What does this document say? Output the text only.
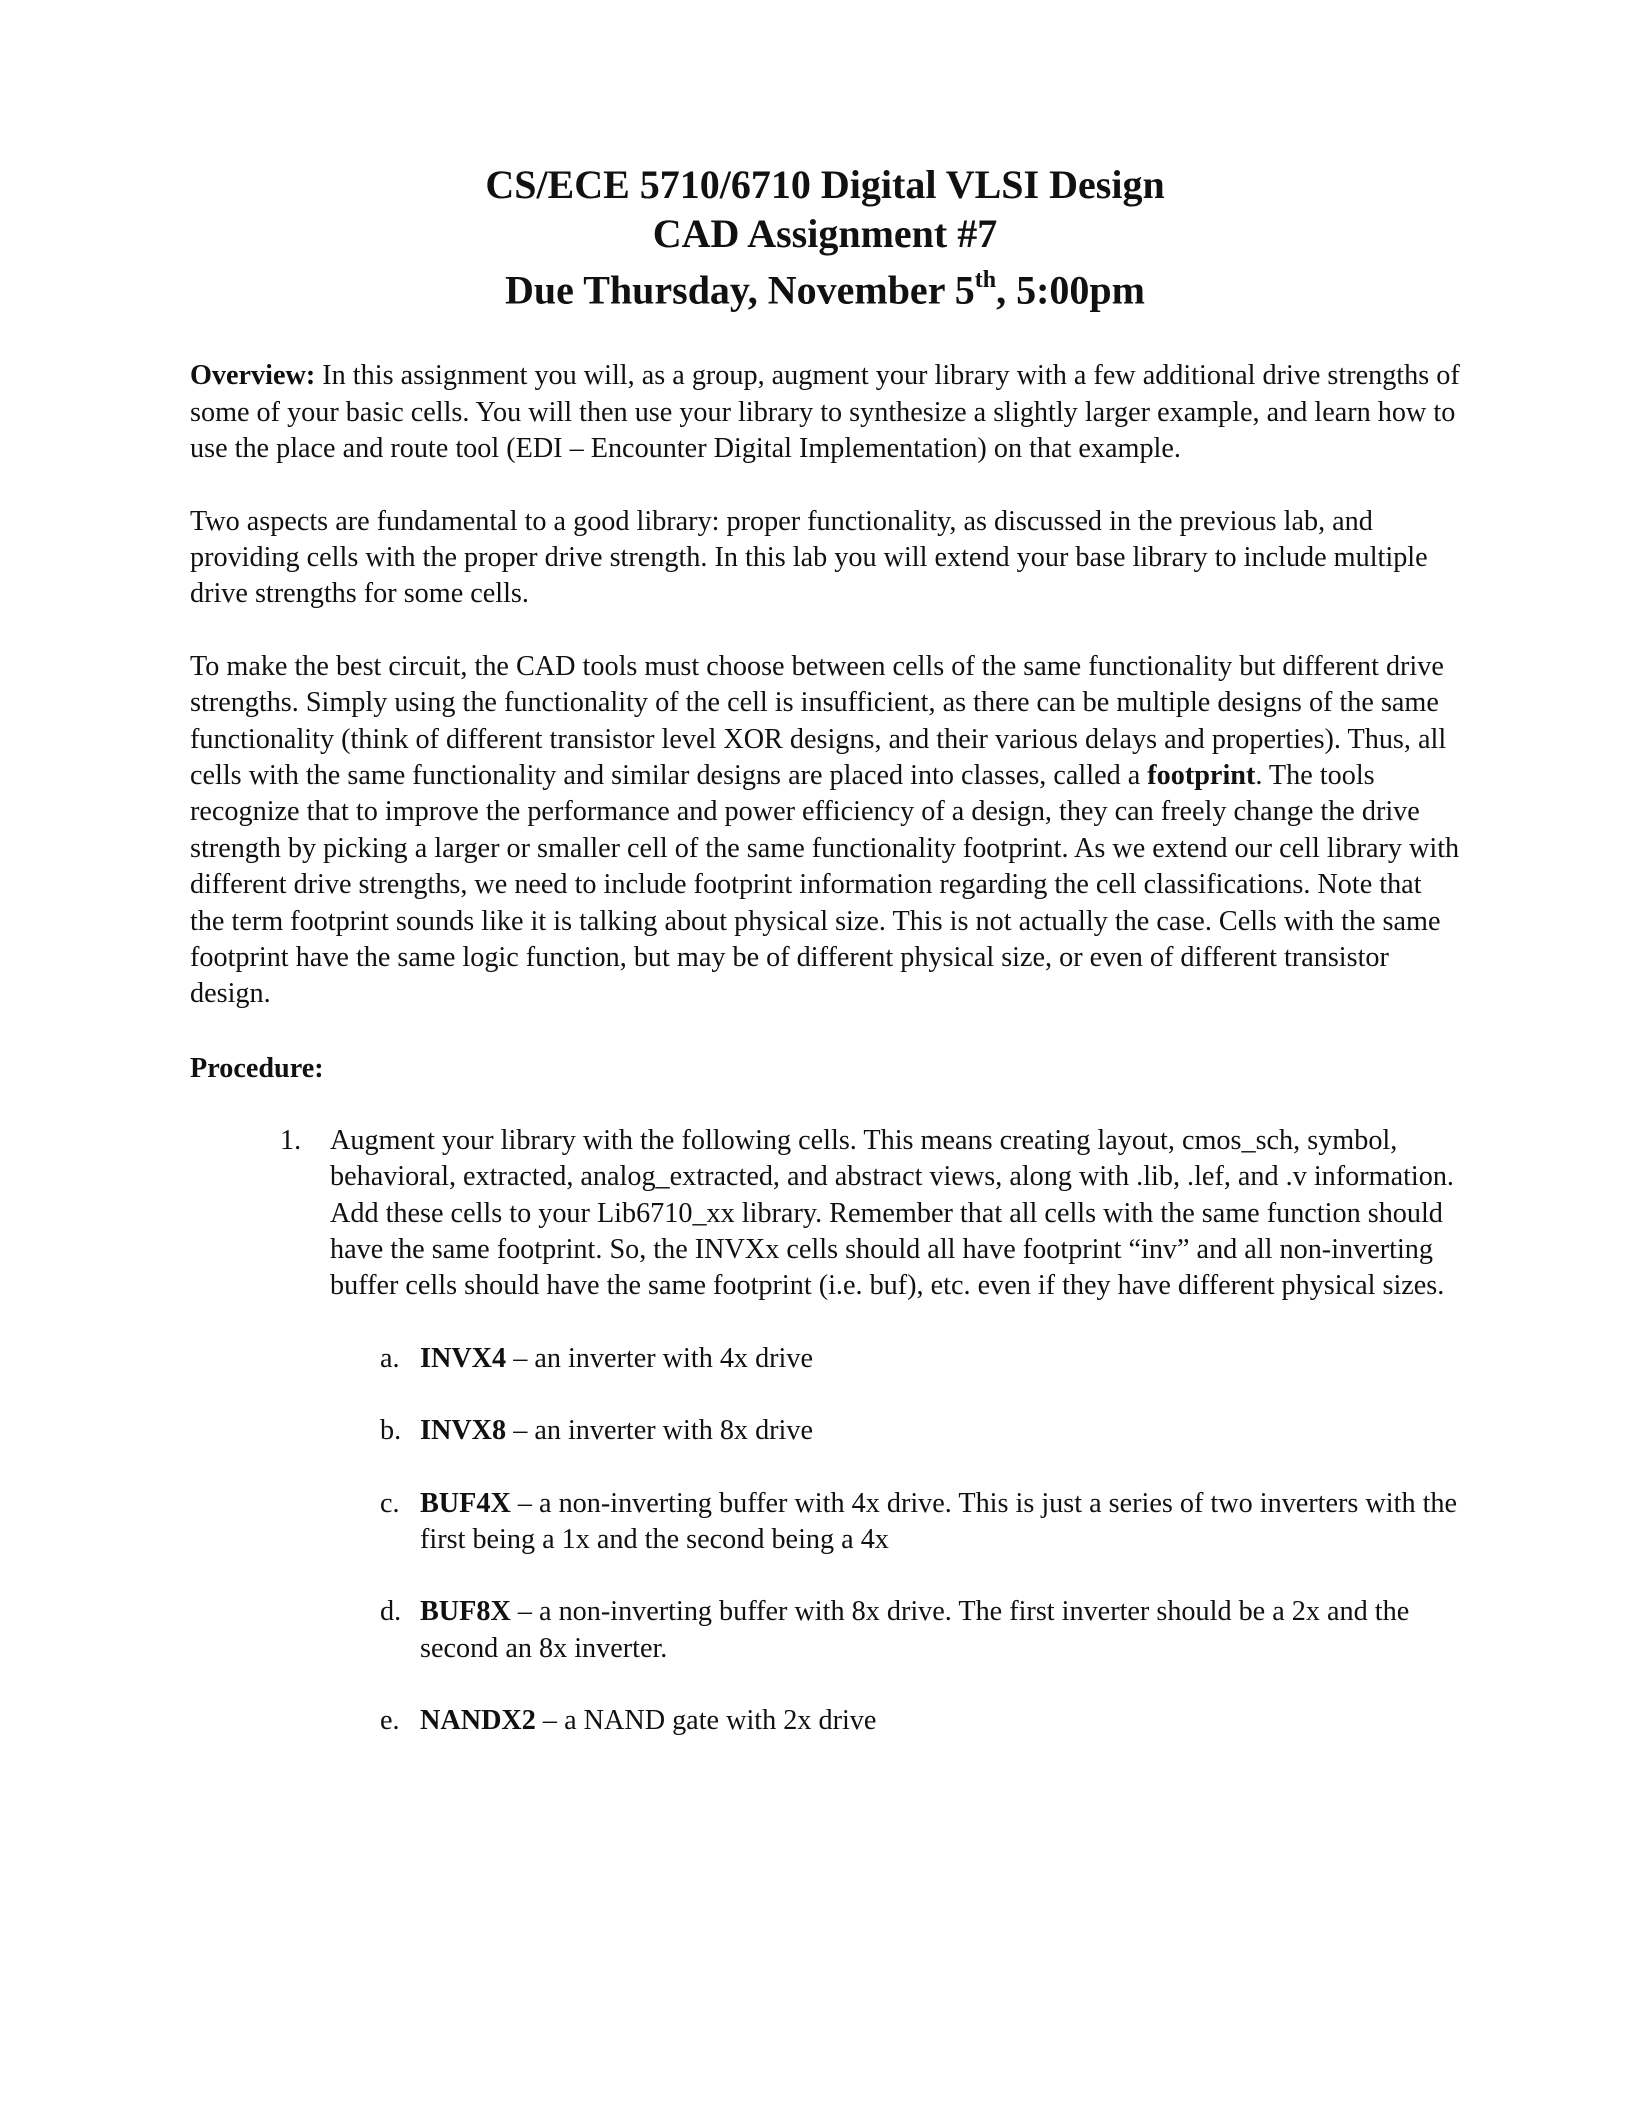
CS/ECE 5710/6710 Digital VLSI Design
CAD Assignment #7
Due Thursday, November 5th, 5:00pm

Overview: In this assignment you will, as a group, augment your library with a few additional drive strengths of some of your basic cells. You will then use your library to synthesize a slightly larger example, and learn how to use the place and route tool (EDI – Encounter Digital Implementation) on that example.

Two aspects are fundamental to a good library: proper functionality, as discussed in the previous lab, and providing cells with the proper drive strength. In this lab you will extend your base library to include multiple drive strengths for some cells.

To make the best circuit, the CAD tools must choose between cells of the same functionality but different drive strengths. Simply using the functionality of the cell is insufficient, as there can be multiple designs of the same functionality (think of different transistor level XOR designs, and their various delays and properties). Thus, all cells with the same functionality and similar designs are placed into classes, called a footprint. The tools recognize that to improve the performance and power efficiency of a design, they can freely change the drive strength by picking a larger or smaller cell of the same functionality footprint. As we extend our cell library with different drive strengths, we need to include footprint information regarding the cell classifications. Note that the term footprint sounds like it is talking about physical size. This is not actually the case. Cells with the same footprint have the same logic function, but may be of different physical size, or even of different transistor design.

Procedure:
1. Augment your library with the following cells. This means creating layout, cmos_sch, symbol, behavioral, extracted, analog_extracted, and abstract views, along with .lib, .lef, and .v information. Add these cells to your Lib6710_xx library. Remember that all cells with the same function should have the same footprint. So, the INVXx cells should all have footprint “inv” and all non-inverting buffer cells should have the same footprint (i.e. buf), etc. even if they have different physical sizes.
a. INVX4 – an inverter with 4x drive
b. INVX8 – an inverter with 8x drive
c. BUF4X – a non-inverting buffer with 4x drive. This is just a series of two inverters with the first being a 1x and the second being a 4x
d. BUF8X – a non-inverting buffer with 8x drive. The first inverter should be a 2x and the second an 8x inverter.
e. NANDX2 – a NAND gate with 2x drive
